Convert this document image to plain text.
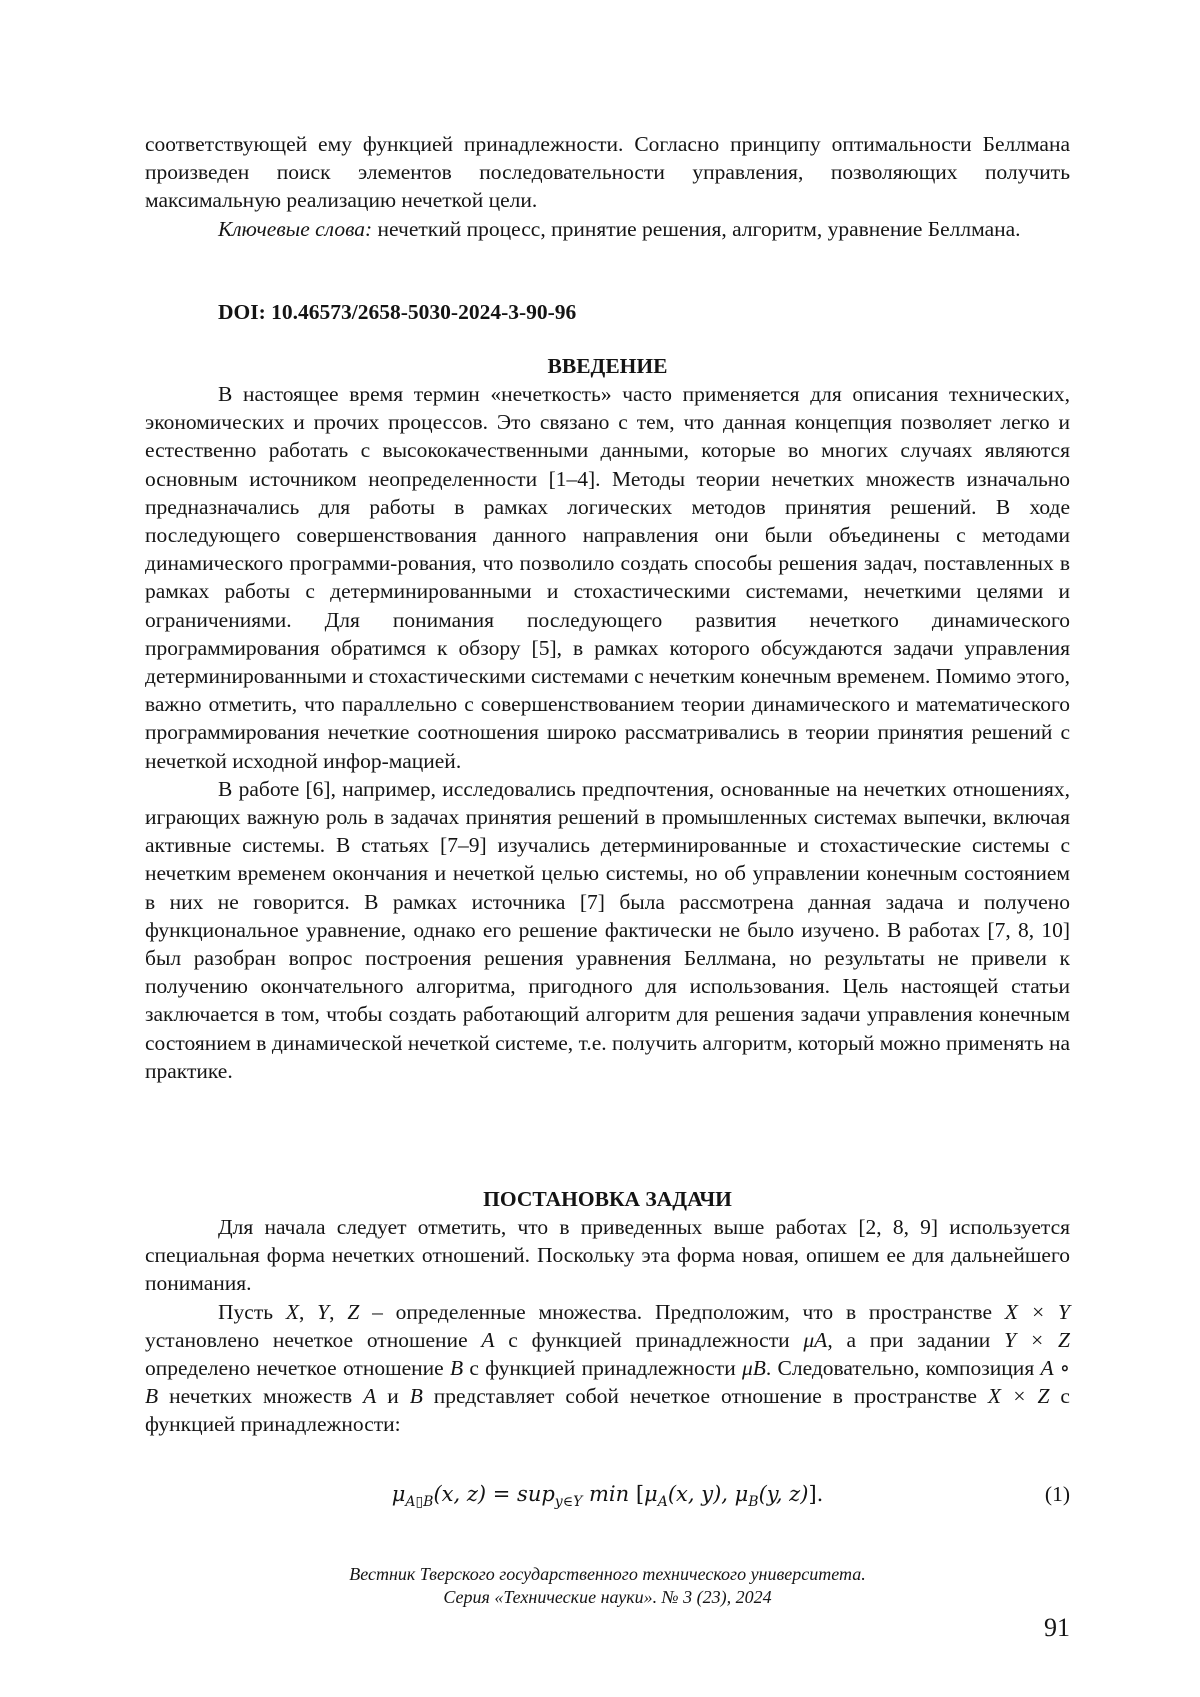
соответствующей ему функцией принадлежности. Согласно принципу оптимальности Беллмана произведен поиск элементов последовательности управления, позволяющих получить максимальную реализацию нечеткой цели.

Ключевые слова: нечеткий процесс, принятие решения, алгоритм, уравнение Беллмана.

DOI: 10.46573/2658-5030-2024-3-90-96
ВВЕДЕНИЕ

В настоящее время термин «нечеткость» часто применяется для описания технических, экономических и прочих процессов. Это связано с тем, что данная концепция позволяет легко и естественно работать с высококачественными данными, которые во многих случаях являются основным источником неопределенности [1–4]. Методы теории нечетких множеств изначально предназначались для работы в рамках логических методов принятия решений. В ходе последующего совершенствования данного направления они были объединены с методами динамического программи-рования, что позволило создать способы решения задач, поставленных в рамках работы с детерминированными и стохастическими системами, нечеткими целями и ограничениями. Для понимания последующего развития нечеткого динамического программирования обратимся к обзору [5], в рамках которого обсуждаются задачи управления детерминированными и стохастическими системами с нечетким конечным временем. Помимо этого, важно отметить, что параллельно с совершенствованием теории динамического и математического программирования нечеткие соотношения широко рассматривались в теории принятия решений с нечеткой исходной инфор-мацией.

В работе [6], например, исследовались предпочтения, основанные на нечетких отношениях, играющих важную роль в задачах принятия решений в промышленных системах выпечки, включая активные системы. В статьях [7–9] изучались детерминированные и стохастические системы с нечетким временем окончания и нечеткой целью системы, но об управлении конечным состоянием в них не говорится. В рамках источника [7] была рассмотрена данная задача и получено функциональное уравнение, однако его решение фактически не было изучено. В работах [7, 8, 10] был разобран вопрос построения решения уравнения Беллмана, но результаты не привели к получению окончательного алгоритма, пригодного для использования. Цель настоящей статьи заключается в том, чтобы создать работающий алгоритм для решения задачи управления конечным состоянием в динамической нечеткой системе, т.е. получить алгоритм, который можно применять на практике.

ПОСТАНОВКА ЗАДАЧИ

Для начала следует отметить, что в приведенных выше работах [2, 8, 9] используется специальная форма нечетких отношений. Поскольку эта форма новая, опишем ее для дальнейшего понимания.

Пусть X, Y, Z – определенные множества. Предположим, что в пространстве X × Y установлено нечеткое отношение A с функцией принадлежности μA, а при задании Y × Z определено нечеткое отношение B с функцией принадлежности μB. Следовательно, композиция A ∘ B нечетких множеств A и B представляет собой нечеткое отношение в пространстве X × Z с функцией принадлежности:

μA▯B(x, z) = supy∈Y min [μA(x, y), μB(y, z)].	(1)
Вестник Тверского государственного технического университета.
Серия «Технические науки». № 3 (23), 2024
91
